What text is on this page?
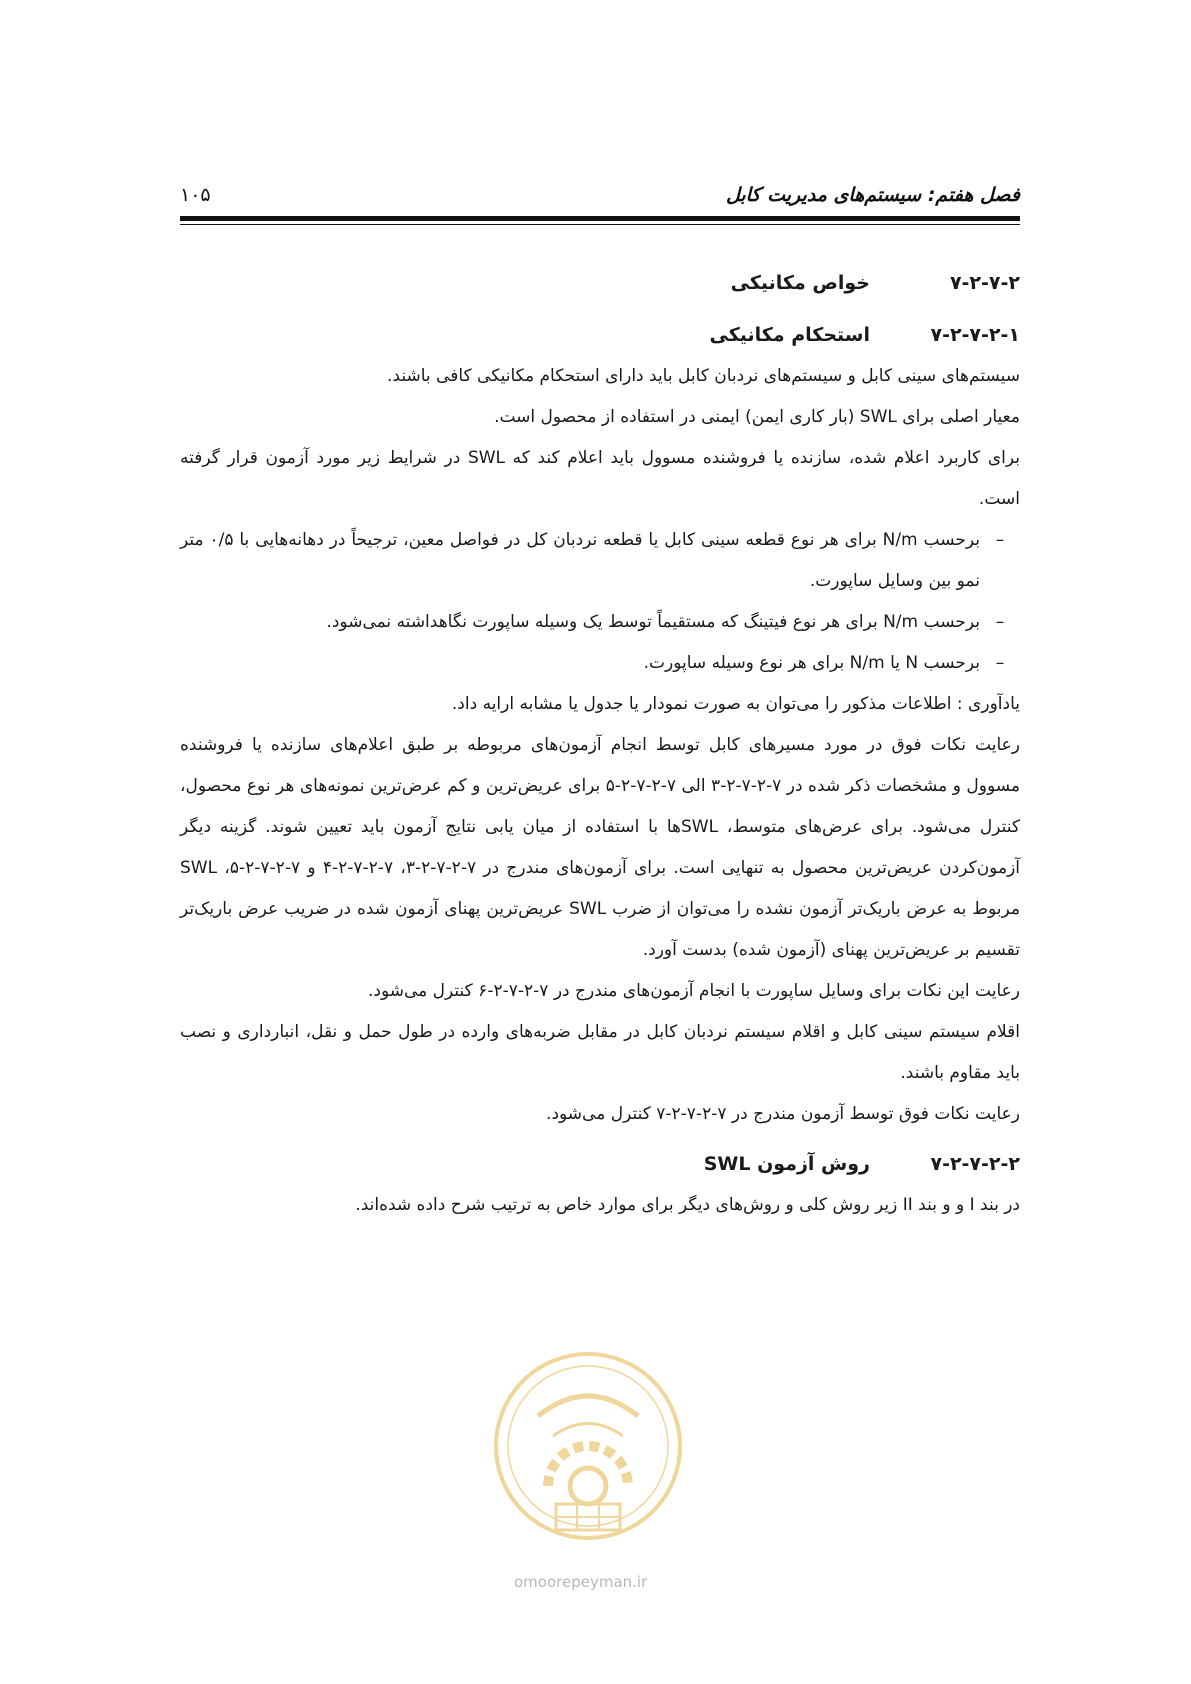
فصل هفتم: سیستم‌های مدیریت کابل
۱۰۵
۷-۲-۷-۲
خواص مکانیکی
۷-۲-۷-۲-۱
استحکام مکانیکی

سیستم‌های سینی کابل و سیستم‌های نردبان کابل باید دارای استحکام مکانیکی کافی باشند.

معیار اصلی برای SWL (بار کاری ایمن) ایمنی در استفاده از محصول است.

برای کاربرد اعلام شده، سازنده یا فروشنده مسوول باید اعلام کند که SWL در شرایط زیر مورد آزمون قرار گرفته است.

–
برحسب N/m برای هر نوع قطعه سینی کابل یا قطعه نردبان کل در فواصل معین، ترجیحاً در دهانه‌هایی با ۰/۵ متر نمو بین وسایل ساپورت.
–
برحسب N/m برای هر نوع فیتینگ که مستقیماً توسط یک وسیله ساپورت نگاهداشته نمی‌شود.
–
برحسب N یا N/m برای هر نوع وسیله ساپورت.

یادآوری : اطلاعات مذکور را می‌توان به صورت نمودار یا جدول یا مشابه ارایه داد.

رعایت نکات فوق در مورد مسیرهای کابل توسط انجام آزمون‌های مربوطه بر طبق اعلام‌های سازنده یا فروشنده مسوول و مشخصات ذکر شده در ۷-۲-۷-۲-۳ الی ۷-۲-۷-۲-۵ برای عریض‌ترین و کم عرض‌ترین نمونه‌های هر نوع محصول، کنترل می‌شود. برای عرض‌های متوسط، SWLها با استفاده از میان یابی نتایج آزمون باید تعیین شوند. گزینه دیگر آزمون‌کردن عریض‌ترین محصول به تنهایی است. برای آزمون‌های مندرج در ۷-۲-۷-۲-۳، ۷-۲-۷-۲-۴ و ۷-۲-۷-۲-۵، SWL مربوط به عرض باریک‌تر آزمون نشده را می‌توان از ضرب SWL عریض‌ترین پهنای آزمون شده در ضریب عرض باریک‌تر تقسیم بر عریض‌ترین پهنای (آزمون شده) بدست آورد.

رعایت این نکات برای وسایل ساپورت با انجام آزمون‌های مندرج در ۷-۲-۷-۲-۶ کنترل می‌شود.

اقلام سیستم سینی کابل و اقلام سیستم نردبان کابل در مقابل ضربه‌های وارده در طول حمل و نقل، انبارداری و نصب باید مقاوم باشند.

رعایت نکات فوق توسط آزمون مندرج در ۷-۲-۷-۲-۷ کنترل می‌شود.

۷-۲-۷-۲-۲
روش آزمون SWL

در بند I و و بند II زیر روش کلی و روش‌های دیگر برای موارد خاص به ترتیب شرح داده شده‌اند.

omoorepeyman.ir
